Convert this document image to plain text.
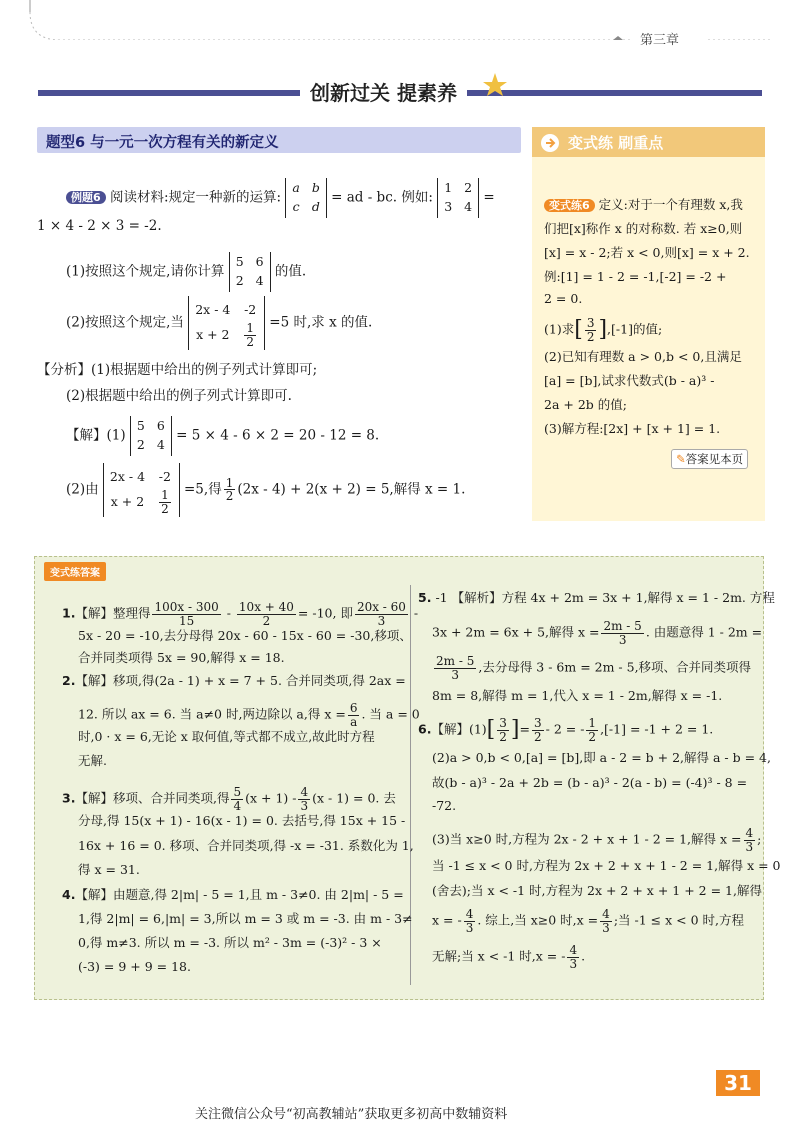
第三章
创新过关 提素养
题型6 与一元一次方程有关的新定义
例题6 阅读材料:规定一种新的运算:
a b
c d
= ad - bc. 例如:
1 2
3 4
=
1 × 4 - 2 × 3 = -2.
(1)按照这个规定,请你计算
5 6
2 4
的值.
(2)按照这个规定,当
2x - 4 -2
$x + 2 \frac{1}{2}$
=5 时,求 x 的值.
【分析】(1)根据题中给出的例子列式计算即可;
(2)根据题中给出的例子列式计算即可.
【解】(1)
5 6
2 4
= 5 × 4 - 6 × 2 = 20 - 12 = 8.
(2)由
2x - 4 -2
$x + 2 \frac{1}{2}$
=5,得 $\frac{1}{2} (2x - 4) + 2(x + 2) = 5$,解得 x = 1.
变式练 刷重点
变式练6 定义:对于一个有理数 x,我
们把[x]称作 x 的对称数. 若 x≥0,则
[x] = x - 2;若 x < 0,则[x] = x + 2.
例:[1] = 1 - 2 = -1,[-2] = -2 +
2 = 0.
(1)求 [ $\frac{3}{2}$ ] ,[-1]的值;
(2)已知有理数 a > 0,b < 0,且满足
[a] = [b],试求代数式(b - a)³ -
2a + 2b 的值;
(3)解方程:[2x] + [x + 1] = 1.
✎答案见本页
变式练答案
1.【解】整理得 $\frac{100x - 300}{15} - \frac{10x + 40}{2} = -10$, 即 $\frac{20x - 60}{3}$ -
5x - 20 = -10,去分母得 20x - 60 - 15x - 60 = -30,移项、
合并同类项得 5x = 90,解得 x = 18.
2.【解】移项,得(2a - 1) + x = 7 + 5. 合并同类项,得 2ax =
12. 所以 ax = 6. 当 a≠0 时,两边除以 a,得 $x = \frac{6}{a}$ . 当 a = 0
时,0 · x = 6,无论 x 取何值,等式都不成立,故此时方程
无解.
3.【解】移项、合并同类项,得 $\frac{5}{4} (x + 1) - \frac{4}{3} (x - 1) = 0$. 去
分母,得 15(x + 1) - 16(x - 1) = 0. 去括号,得 15x + 15 -
16x + 16 = 0. 移项、合并同类项,得 -x = -31. 系数化为 1,
得 x = 31.
4.【解】由题意,得 2|m| - 5 = 1,且 m - 3≠0. 由 2|m| - 5 =
1,得 2|m| = 6,|m| = 3,所以 m = 3 或 m = -3. 由 m - 3≠
0,得 m≠3. 所以 m = -3. 所以 m² - 3m = (-3)² - 3 ×
(-3) = 9 + 9 = 18.
5. -1 【解析】方程 4x + 2m = 3x + 1,解得 x = 1 - 2m. 方程
3x + 2m = 6x + 5,解得 $x = \frac{2m - 5}{3}$ . 由题意得 1 - 2m =
$\frac{2m - 5}{3}$ ,去分母得 3 - 6m = 2m - 5,移项、合并同类项得
8m = 8,解得 m = 1,代入 x = 1 - 2m,解得 x = -1.
6.【解】(1) [ $\frac{3}{2}$ ] = $\frac{3}{2} - 2$ = - $\frac{1}{2} ,[-1] = -1 + 2 = 1$.
(2)a > 0,b < 0,[a] = [b],即 a - 2 = b + 2,解得 a - b = 4,
故(b - a)³ - 2a + 2b = (b - a)³ - 2(a - b) = (-4)³ - 8 =
-72.
(3)当 x≥0 时,方程为 2x - 2 + x + 1 - 2 = 1,解得 $x = \frac{4}{3}$ ;
当 -1 ≤ x < 0 时,方程为 2x + 2 + x + 1 - 2 = 1,解得 x = 0
(舍去);当 x < -1 时,方程为 2x + 2 + x + 1 + 2 = 1,解得
x = - $\frac{4}{3}$ . 综上,当 x≥0 时$,x = \frac{4}{3}$ ;当 -1 ≤ x < 0 时,方程
无解;当 x < -1 时,x = - $\frac{4}{3}$ .
31
关注微信公众号“初高教辅站”获取更多初高中数辅资料
